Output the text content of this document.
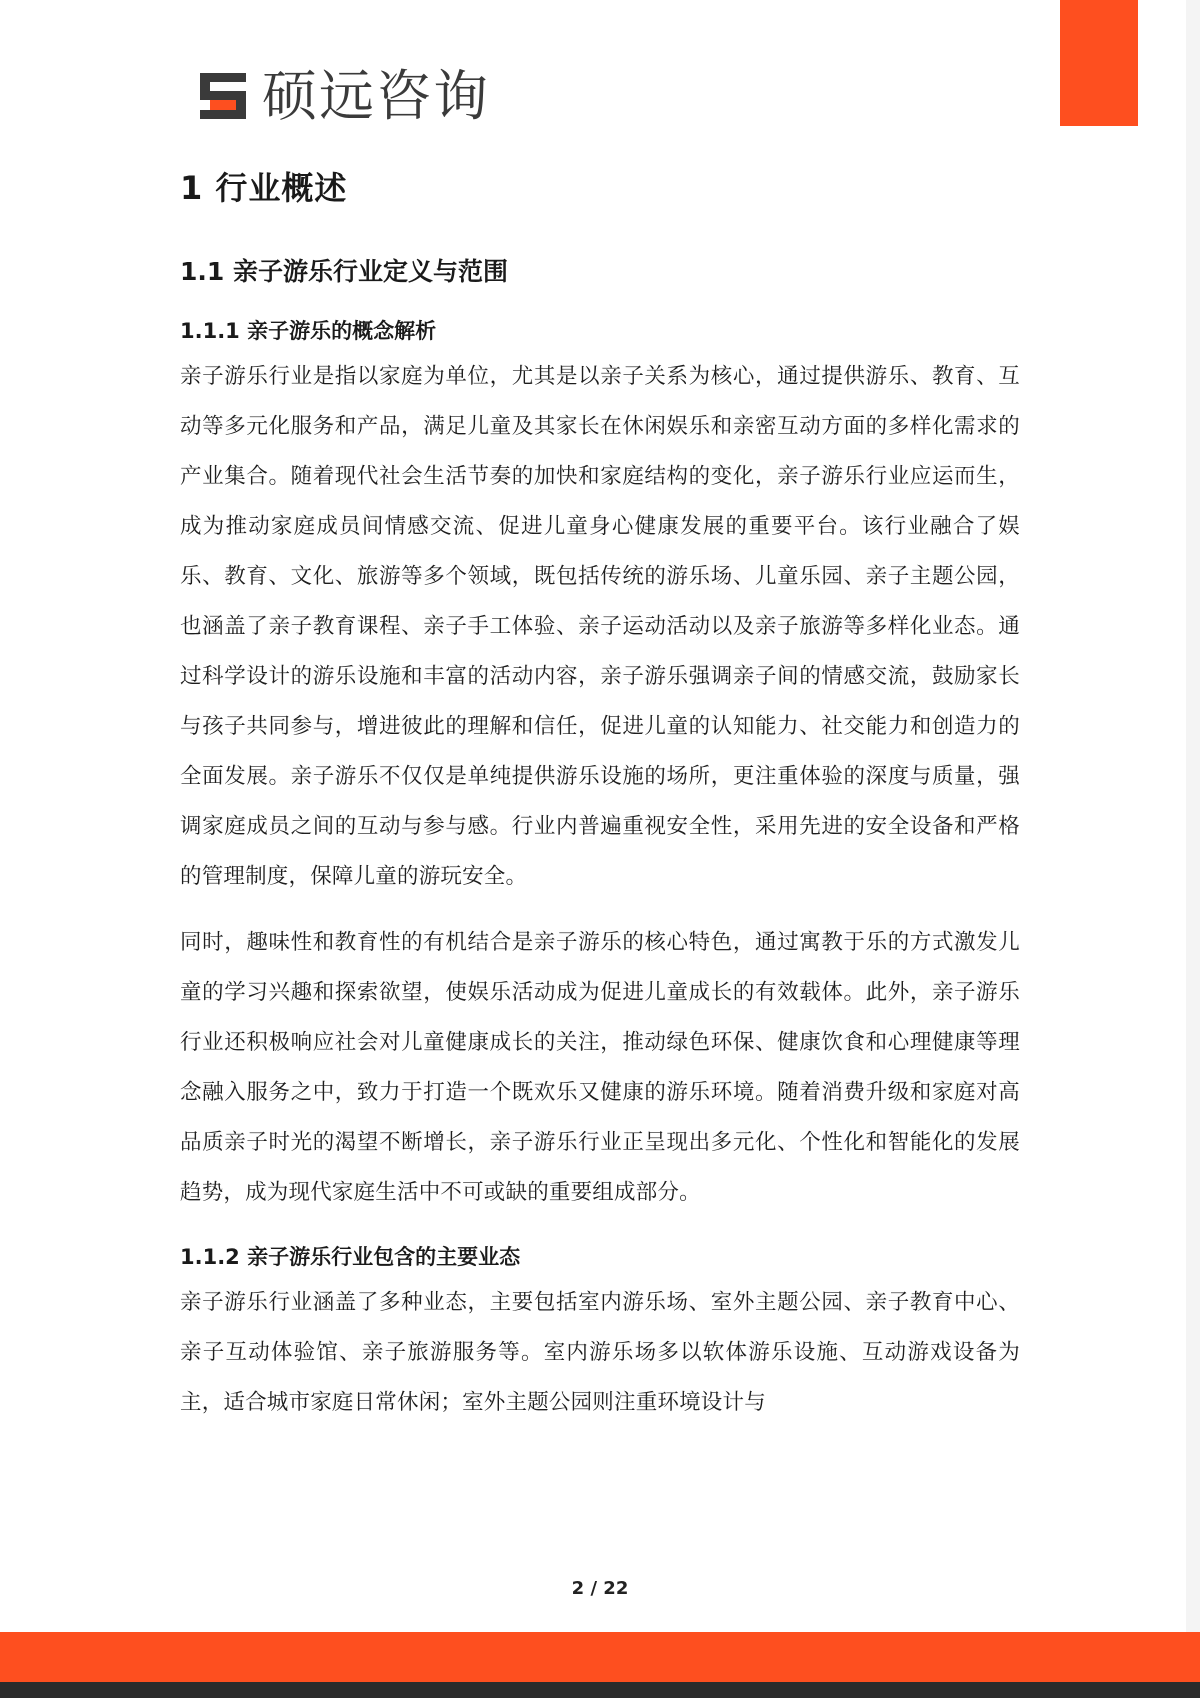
硕远咨询
1 行业概述
1.1 亲子游乐行业定义与范围
1.1.1 亲子游乐的概念解析

亲子游乐行业是指以家庭为单位，尤其是以亲子关系为核心，通过提供游乐、教育、互动等多元化服务和产品，满足儿童及其家长在休闲娱乐和亲密互动方面的多样化需求的产业集合。随着现代社会生活节奏的加快和家庭结构的变化，亲子游乐行业应运而生，成为推动家庭成员间情感交流、促进儿童身心健康发展的重要平台。该行业融合了娱乐、教育、文化、旅游等多个领域，既包括传统的游乐场、儿童乐园、亲子主题公园，也涵盖了亲子教育课程、亲子手工体验、亲子运动活动以及亲子旅游等多样化业态。通过科学设计的游乐设施和丰富的活动内容，亲子游乐强调亲子间的情感交流，鼓励家长与孩子共同参与，增进彼此的理解和信任，促进儿童的认知能力、社交能力和创造力的全面发展。亲子游乐不仅仅是单纯提供游乐设施的场所，更注重体验的深度与质量，强调家庭成员之间的互动与参与感。行业内普遍重视安全性，采用先进的安全设备和严格的管理制度，保障儿童的游玩安全。

同时，趣味性和教育性的有机结合是亲子游乐的核心特色，通过寓教于乐的方式激发儿童的学习兴趣和探索欲望，使娱乐活动成为促进儿童成长的有效载体。此外，亲子游乐行业还积极响应社会对儿童健康成长的关注，推动绿色环保、健康饮食和心理健康等理念融入服务之中，致力于打造一个既欢乐又健康的游乐环境。随着消费升级和家庭对高品质亲子时光的渴望不断增长，亲子游乐行业正呈现出多元化、个性化和智能化的发展趋势，成为现代家庭生活中不可或缺的重要组成部分。

1.1.2 亲子游乐行业包含的主要业态

亲子游乐行业涵盖了多种业态，主要包括室内游乐场、室外主题公园、亲子教育中心、亲子互动体验馆、亲子旅游服务等。室内游乐场多以软体游乐设施、互动游戏设备为主，适合城市家庭日常休闲；室外主题公园则注重环境设计与

2 / 22
